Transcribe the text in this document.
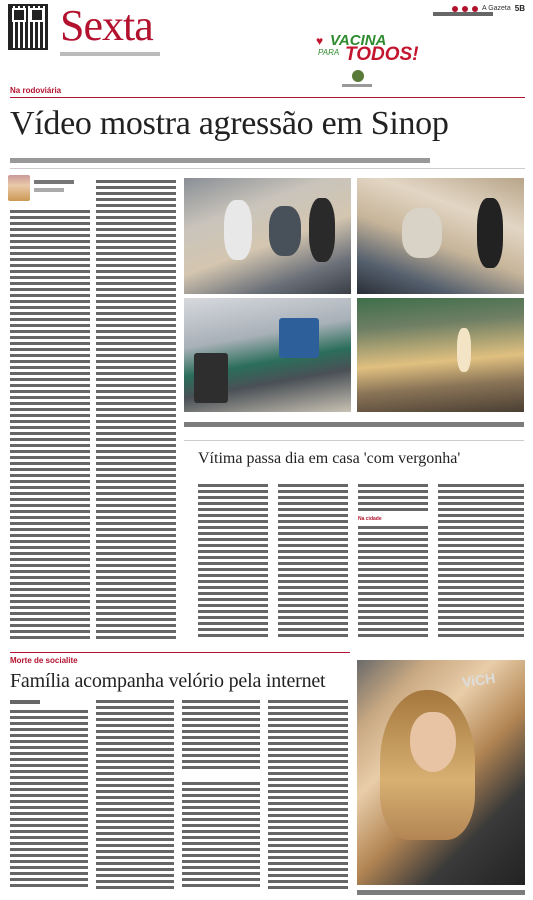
Sexta	A Gazeta 5B
♥ VACINA
PARA TODOS!
Na rodoviária
Vídeo mostra agressão em Sinop
Vítima passa dia em casa 'com vergonha'
Na cidade
Morte de socialite
Família acompanha velório pela internet	ViCH
